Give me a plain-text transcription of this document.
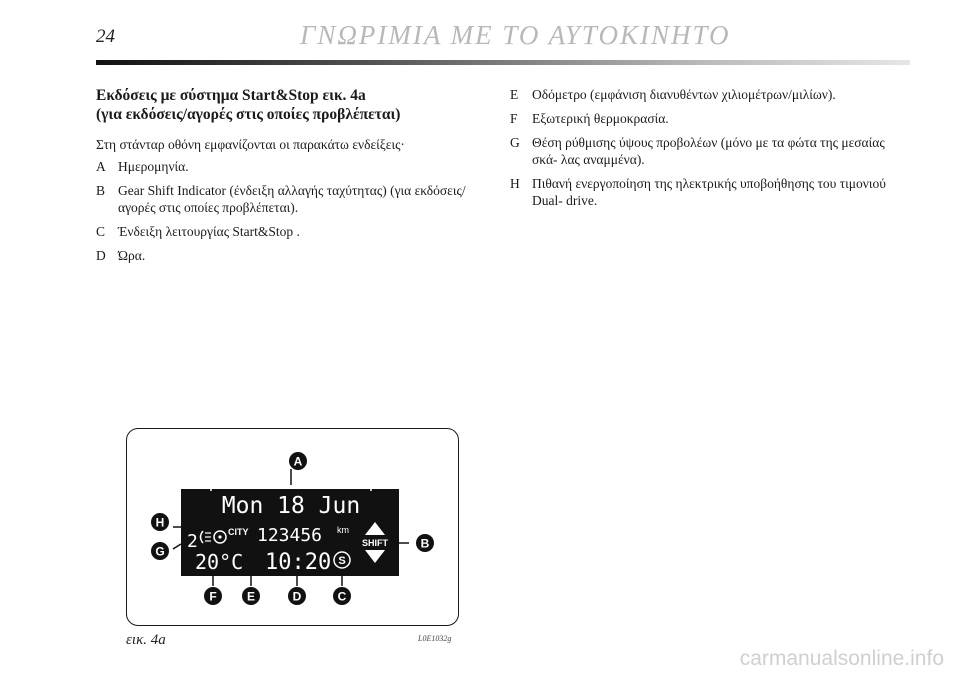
24	ΓΝΩΡΙΜΙΑ ΜΕ ΤΟ ΑΥΤΟΚΙΝΗΤΟ
Εκδόσεις με σύστημα Start&Stop εικ. 4a
(για εκδόσεις/αγορές στις οποίες προβλέπεται)

Στη στάνταρ οθόνη εμφανίζονται οι παρακάτω ενδείξεις·

A Ημερομηνία.
B Gear Shift Indicator (ένδειξη αλλαγής ταχύτητας) (για εκδόσεις/αγορές στις οποίες προβλέπεται).
C Ένδειξη λειτουργίας Start&Stop .
D Ώρα.
E	Οδόμετρο (εμφάνιση διανυθέντων χιλιομέτρων/μιλίων).
F	Εξωτερική θερμοκρασία.
G Θέση ρύθμισης ύψους προβολέων (μόνο με τα φώτα της μεσαίας σκά- λας αναμμένα).
H Πιθανή ενεργοποίηση της ηλεκτρικής υποβοήθησης του τιμονιού Dual- drive.
Mon 18 Jun
2	CITY 123456 km
SHIFT
20°C 10:20 S
A
B
H
G
F	E	D	C
εικ. 4a	L0E1032g
carmanualsonline.info
